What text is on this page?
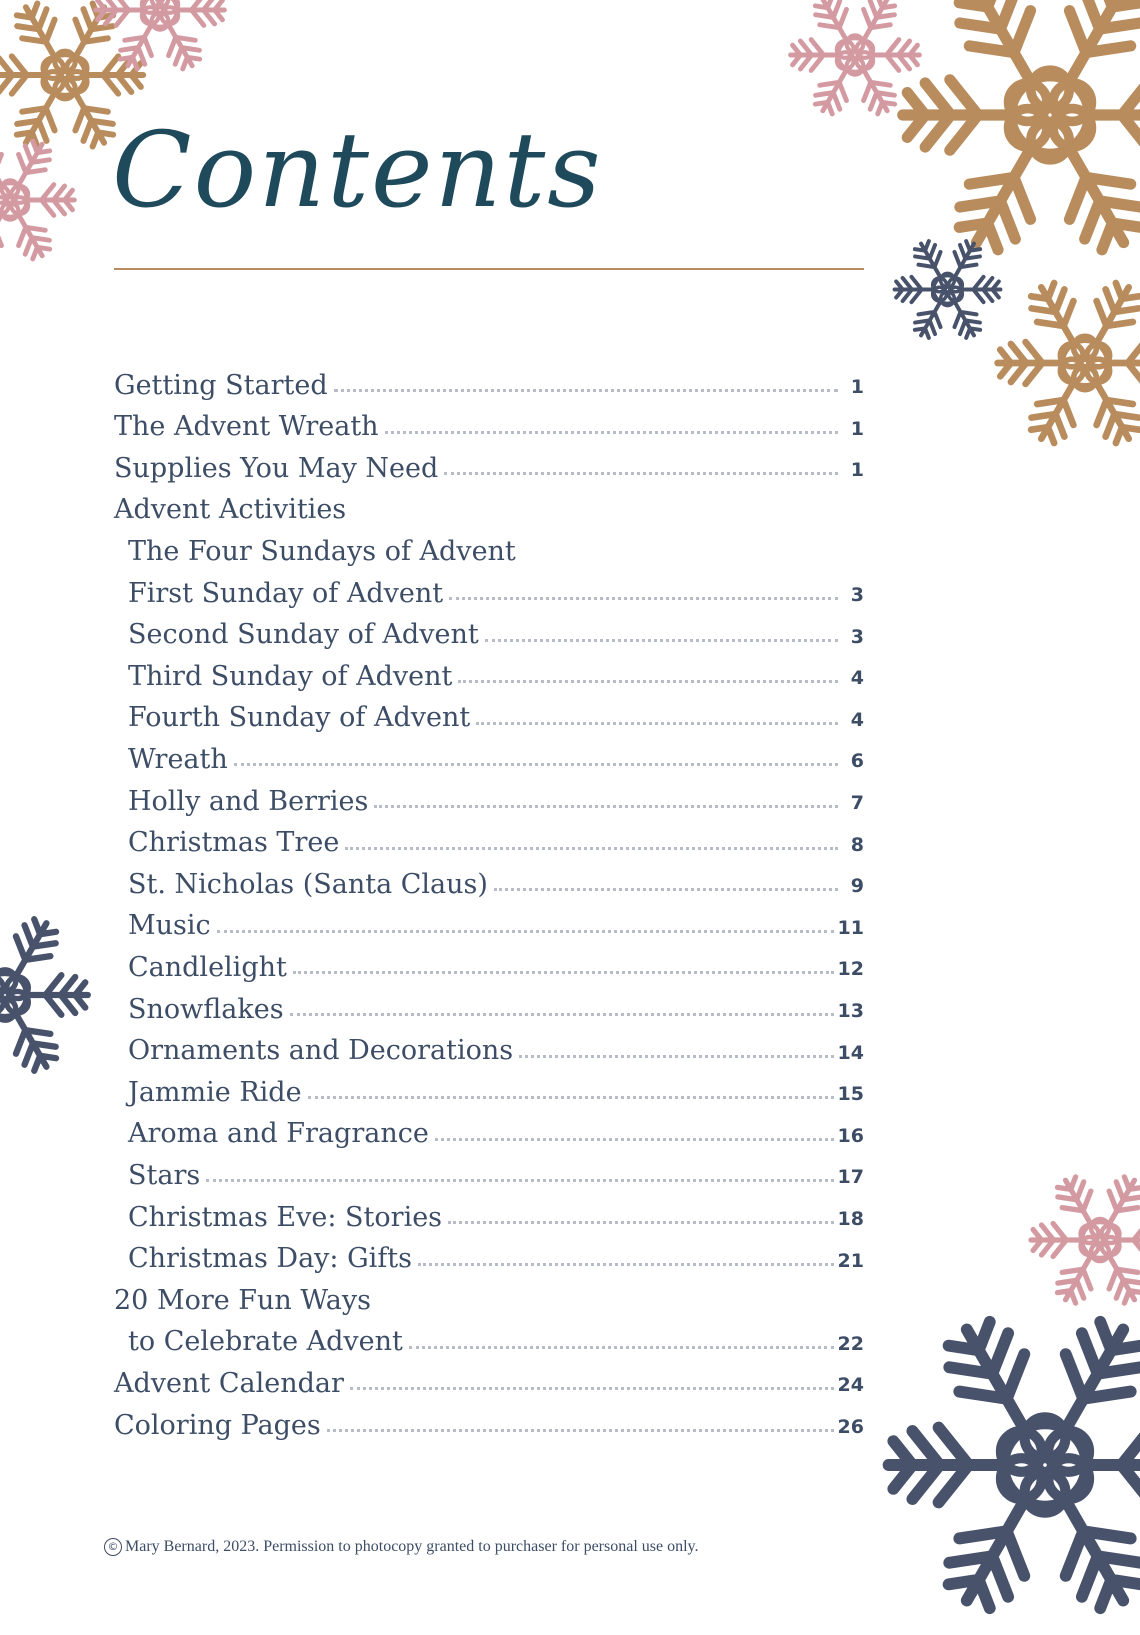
Contents
Getting Started	1
The Advent Wreath	1
Supplies You May Need	1
Advent Activities
The Four Sundays of Advent
First Sunday of Advent	3
Second Sunday of Advent	3
Third Sunday of Advent	4
Fourth Sunday of Advent	4
Wreath	6
Holly and Berries	7
Christmas Tree	8
St. Nicholas (Santa Claus)	9
Music	11
Candlelight	12
Snowflakes	13
Ornaments and Decorations	14
Jammie Ride	15
Aroma and Fragrance	16
Stars	17
Christmas Eve: Stories	18
Christmas Day: Gifts	21
20 More Fun Ways
to Celebrate Advent	22
Advent Calendar	24
Coloring Pages	26
© Mary Bernard, 2023. Permission to photocopy granted to purchaser for personal use only.
